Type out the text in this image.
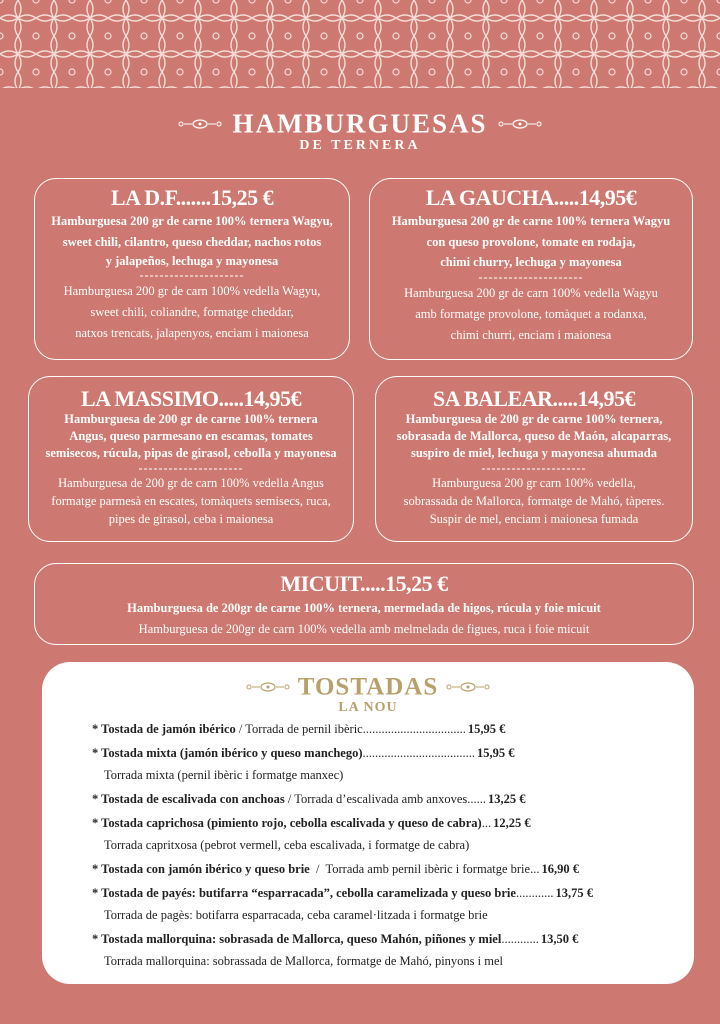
HAMBURGUESAS
DE TERNERA
LA D.F.......15,25 €
Hamburguesa 200 gr de carne 100% ternera Wagyu,
sweet chili, cilantro, queso cheddar, nachos rotos
y jalapeños, lechuga y mayonesa
---------------------
Hamburguesa 200 gr de carn 100% vedella Wagyu,
sweet chili, coliandre, formatge cheddar,
natxos trencats, jalapenyos, enciam i maionesa
LA GAUCHA.....14,95€
Hamburguesa 200 gr de carne 100% ternera Wagyu
con queso provolone, tomate en rodaja,
chimi churry, lechuga y mayonesa
---------------------
Hamburguesa 200 gr de carn 100% vedella Wagyu
amb formatge provolone, tomàquet a rodanxa,
chimi churri, enciam i maionesa
LA MASSIMO.....14,95€
Hamburguesa de 200 gr de carne 100% ternera
Angus, queso parmesano en escamas, tomates
semisecos, rúcula, pipas de girasol, cebolla y mayonesa
---------------------
Hamburguesa de 200 gr de carn 100% vedella Angus
formatge parmesà en escates, tomàquets semisecs, ruca,
pipes de girasol, ceba i maionesa
SA BALEAR.....14,95€
Hamburguesa de 200 gr de carne 100% ternera,
sobrasada de Mallorca, queso de Maón, alcaparras,
suspiro de miel, lechuga y mayonesa ahumada
---------------------
Hamburguesa 200 gr carn 100% vedella,
sobrassada de Mallorca, formatge de Mahó, tàperes.
Suspir de mel, enciam i maionesa fumada
MICUIT.....15,25 €
Hamburguesa de 200gr de carne 100% ternera, mermelada de higos, rúcula y foie micuit
Hamburguesa de 200gr de carn 100% vedella amb melmelada de figues, ruca i foie micuit
TOSTADAS
LA NOU
* Tostada de jamón ibérico / Torrada de pernil ibèric................................. 15,95 €
* Tostada mixta (jamón ibérico y queso manchego).................................... 15,95 €
Torrada mixta (pernil ibèric i formatge manxec)
* Tostada de escalivada con anchoas / Torrada d’escalivada amb anxoves...... 13,25 €
* Tostada caprichosa (pimiento rojo, cebolla escalivada y queso de cabra)... 12,25 €
Torrada capritxosa (pebrot vermell, ceba escalivada, i formatge de cabra)
* Tostada con jamón ibérico y queso brie  /  Torrada amb pernil ibèric i formatge brie... 16,90 €
* Tostada de payés: butifarra “esparracada”, cebolla caramelizada y queso brie............ 13,75 €
Torrada de pagès: botifarra esparracada, ceba caramel·litzada i formatge brie
* Tostada mallorquina: sobrasada de Mallorca, queso Mahón, piñones y miel............ 13,50 €
Torrada mallorquina: sobrassada de Mallorca, formatge de Mahó, pinyons i mel
